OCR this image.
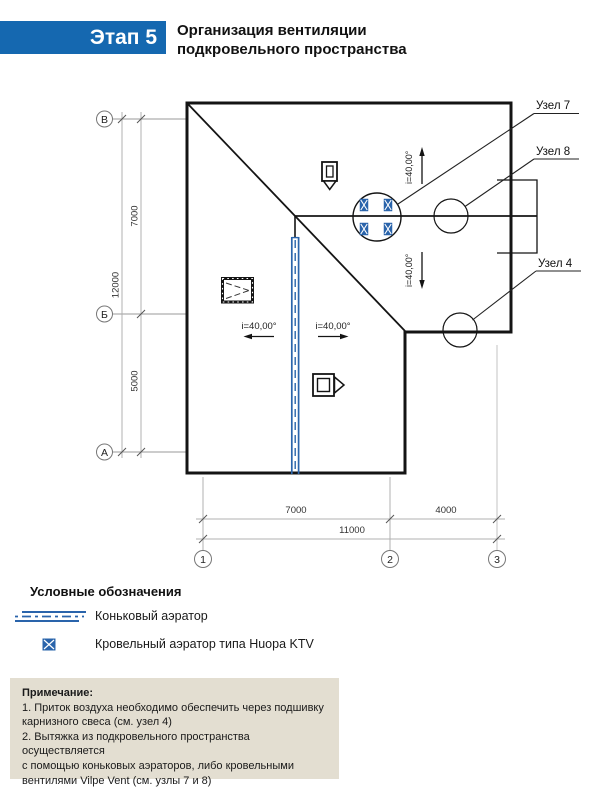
Этап 5	Организация вентиляции
подкровельного пространства
7000
5000
12000
В
Б
А
7000	4000
11000
1	2	3
i=40,00°
i=40,00°
i=40,00°	i=40,00°
Узел 7
Узел 8
Узел 4
Условные обозначения
Коньковый аэратор
Кровельный аэратор типа Huopa KTV
Примечание:
1. Приток воздуха необходимо обеспечить через подшивку
карнизного свеса (см. узел 4)
2. Вытяжка из подкровельного пространства осуществляется
с помощью коньковых аэраторов, либо кровельными
вентилями Vilpe Vent (см. узлы 7 и 8)
